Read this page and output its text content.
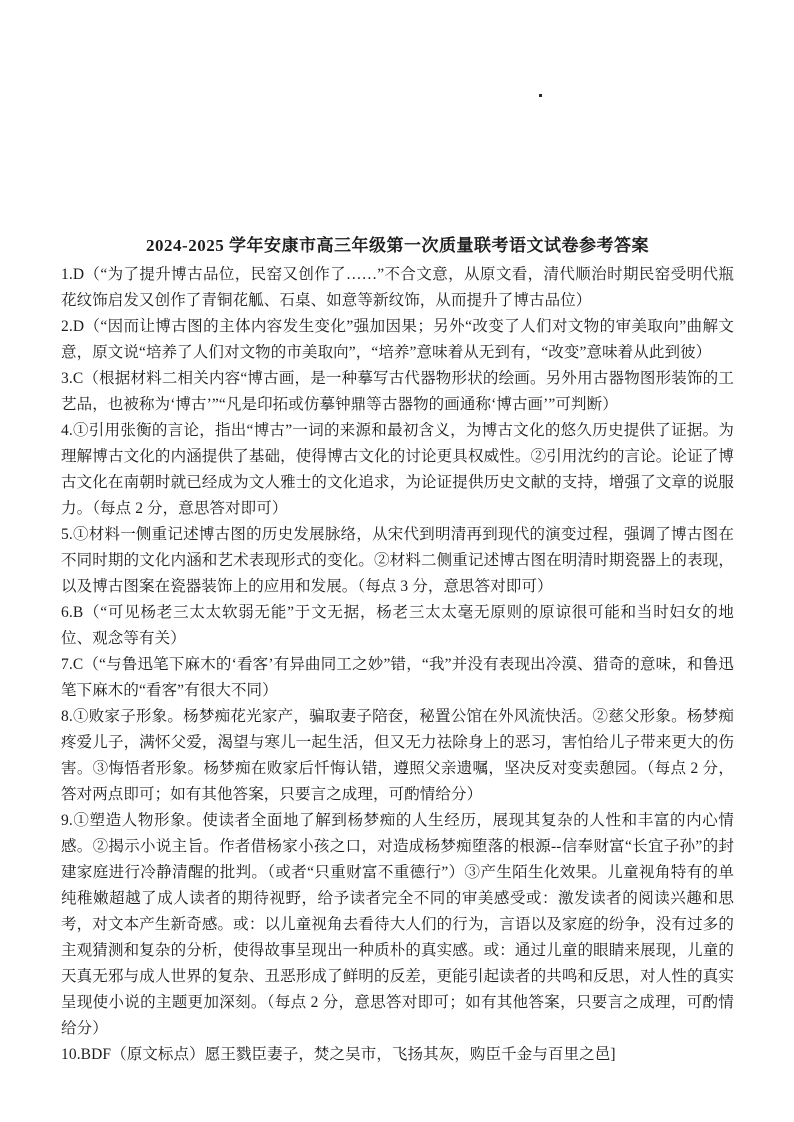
2024-2025 学年安康市高三年级第一次质量联考语文试卷参考答案

1.D（“为了提升博古品位，民窑又创作了……”不合文意，从原文看，清代顺治时期民窑受明代瓶花纹饰启发又创作了青铜花觚、石桌、如意等新纹饰，从而提升了博古品位）

2.D（“因而让博古图的主体内容发生变化”强加因果；另外“改变了人们对文物的审美取向”曲解文意，原文说“培养了人们对文物的市美取向”，“培养”意味着从无到有，“改变”意味着从此到彼）

3.C（根据材料二相关内容“博古画，是一种摹写古代器物形状的绘画。另外用古器物图形装饰的工艺品，也被称为‘博古’”“凡是印拓或仿摹钟鼎等古器物的画通称‘博古画’”可判断）

4.①引用张衡的言论，指出“博古”一词的来源和最初含义，为博古文化的悠久历史提供了证据。为理解博古文化的内涵提供了基础，使得博古文化的讨论更具权威性。②引用沈约的言论。论证了博古文化在南朝时就已经成为文人雅士的文化追求，为论证提供历史文献的支持，增强了文章的说服力。（每点 2 分，意思答对即可）

5.①材料一侧重记述博古图的历史发展脉络，从宋代到明清再到现代的演变过程，强调了博古图在不同时期的文化内涵和艺术表现形式的变化。②材料二侧重记述博古图在明清时期瓷器上的表现，以及博古图案在瓷器装饰上的应用和发展。（每点 3 分，意思答对即可）

6.B（“可见杨老三太太软弱无能”于文无据，杨老三太太毫无原则的原谅很可能和当时妇女的地位、观念等有关）

7.C（“与鲁迅笔下麻木的‘看客’有异曲同工之妙”错，“我”并没有表现出冷漠、猎奇的意味，和鲁迅笔下麻木的“看客”有很大不同）

8.①败家子形象。杨梦痴花光家产，骗取妻子陪奁，秘置公馆在外风流快活。②慈父形象。杨梦痴疼爱儿子，满怀父爱，渴望与寒儿一起生活，但又无力祛除身上的恶习，害怕给儿子带来更大的伤害。③悔悟者形象。杨梦痴在败家后忏悔认错，遵照父亲遗嘱，坚决反对变卖憩园。（每点 2 分，答对两点即可；如有其他答案，只要言之成理，可酌情给分）

9.①塑造人物形象。使读者全面地了解到杨梦痴的人生经历，展现其复杂的人性和丰富的内心情感。②揭示小说主旨。作者借杨家小孩之口，对造成杨梦痴堕落的根源--信奉财富“长宜子孙”的封建家庭进行冷静清醒的批判。（或者“只重财富不重德行”）③产生陌生化效果。儿童视角特有的单纯稚嫩超越了成人读者的期待视野，给予读者完全不同的审美感受或：激发读者的阅读兴趣和思考，对文本产生新奇感。或：以儿童视角去看待大人们的行为，言语以及家庭的纷争，没有过多的主观猜测和复杂的分析，使得故事呈现出一种质朴的真实感。或：通过儿童的眼睛来展现，儿童的天真无邪与成人世界的复杂、丑恶形成了鲜明的反差，更能引起读者的共鸣和反思，对人性的真实呈现使小说的主题更加深刻。（每点 2 分，意思答对即可；如有其他答案，只要言之成理，可酌情给分）

10.BDF（原文标点）愿王戮臣妻子，焚之吴市，飞扬其灰，购臣千金与百里之邑]
